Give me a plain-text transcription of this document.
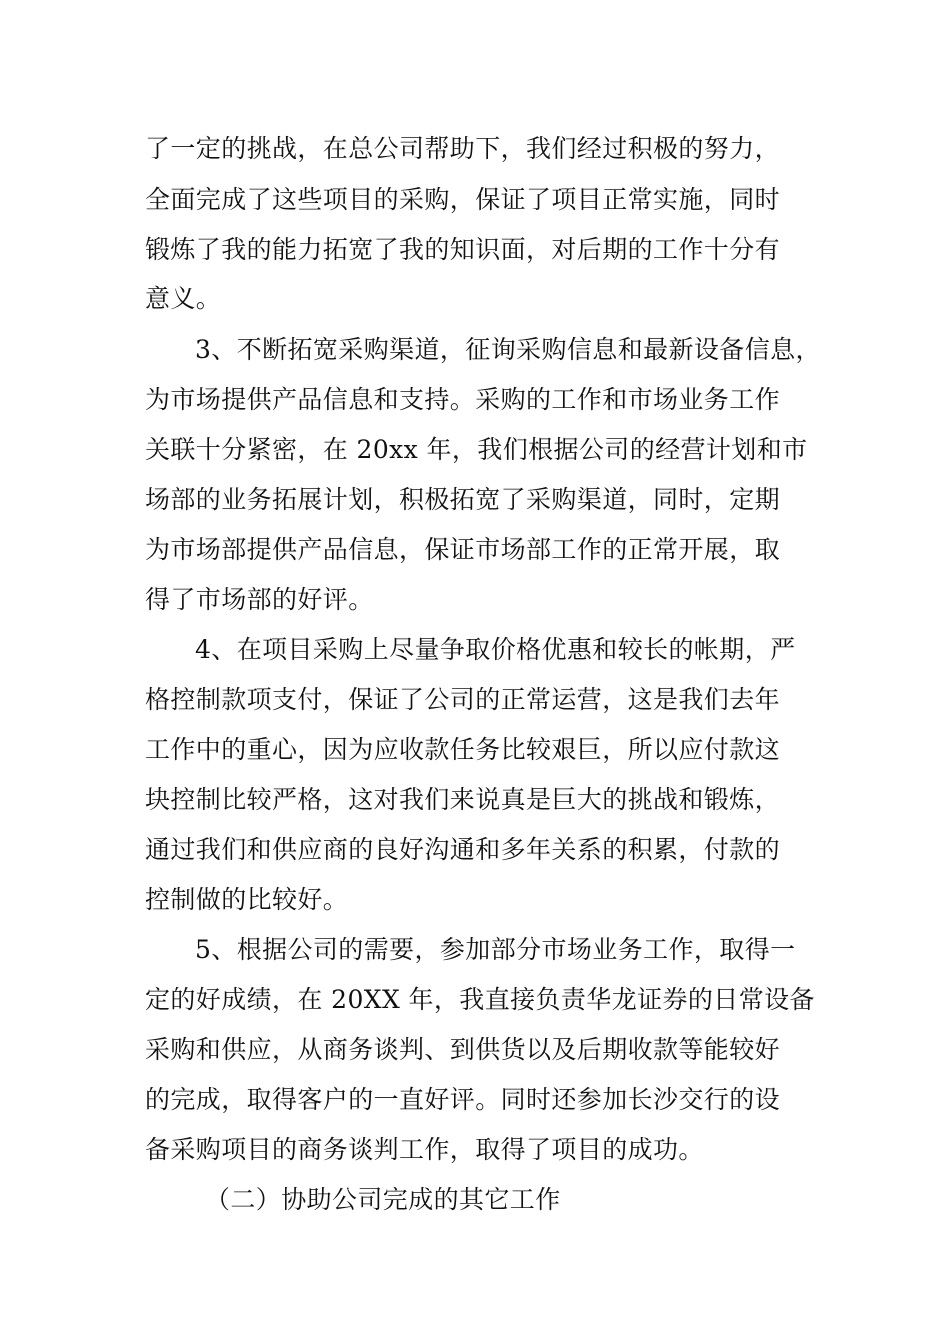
了一定的挑战，在总公司帮助下，我们经过积极的努力，
全面完成了这些项目的采购，保证了项目正常实施，同时
锻炼了我的能力拓宽了我的知识面，对后期的工作十分有
意义。
3、不断拓宽采购渠道，征询采购信息和最新设备信息，
为市场提供产品信息和支持。采购的工作和市场业务工作
关联十分紧密，在 20xx 年，我们根据公司的经营计划和市
场部的业务拓展计划，积极拓宽了采购渠道，同时，定期
为市场部提供产品信息，保证市场部工作的正常开展，取
得了市场部的好评。
4、在项目采购上尽量争取价格优惠和较长的帐期，严
格控制款项支付，保证了公司的正常运营，这是我们去年
工作中的重心，因为应收款任务比较艰巨，所以应付款这
块控制比较严格，这对我们来说真是巨大的挑战和锻炼，
通过我们和供应商的良好沟通和多年关系的积累，付款的
控制做的比较好。
5、根据公司的需要，参加部分市场业务工作，取得一
定的好成绩，在 20XX 年，我直接负责华龙证券的日常设备
采购和供应，从商务谈判、到供货以及后期收款等能较好
的完成，取得客户的一直好评。同时还参加长沙交行的设
备采购项目的商务谈判工作，取得了项目的成功。
（二）协助公司完成的其它工作
